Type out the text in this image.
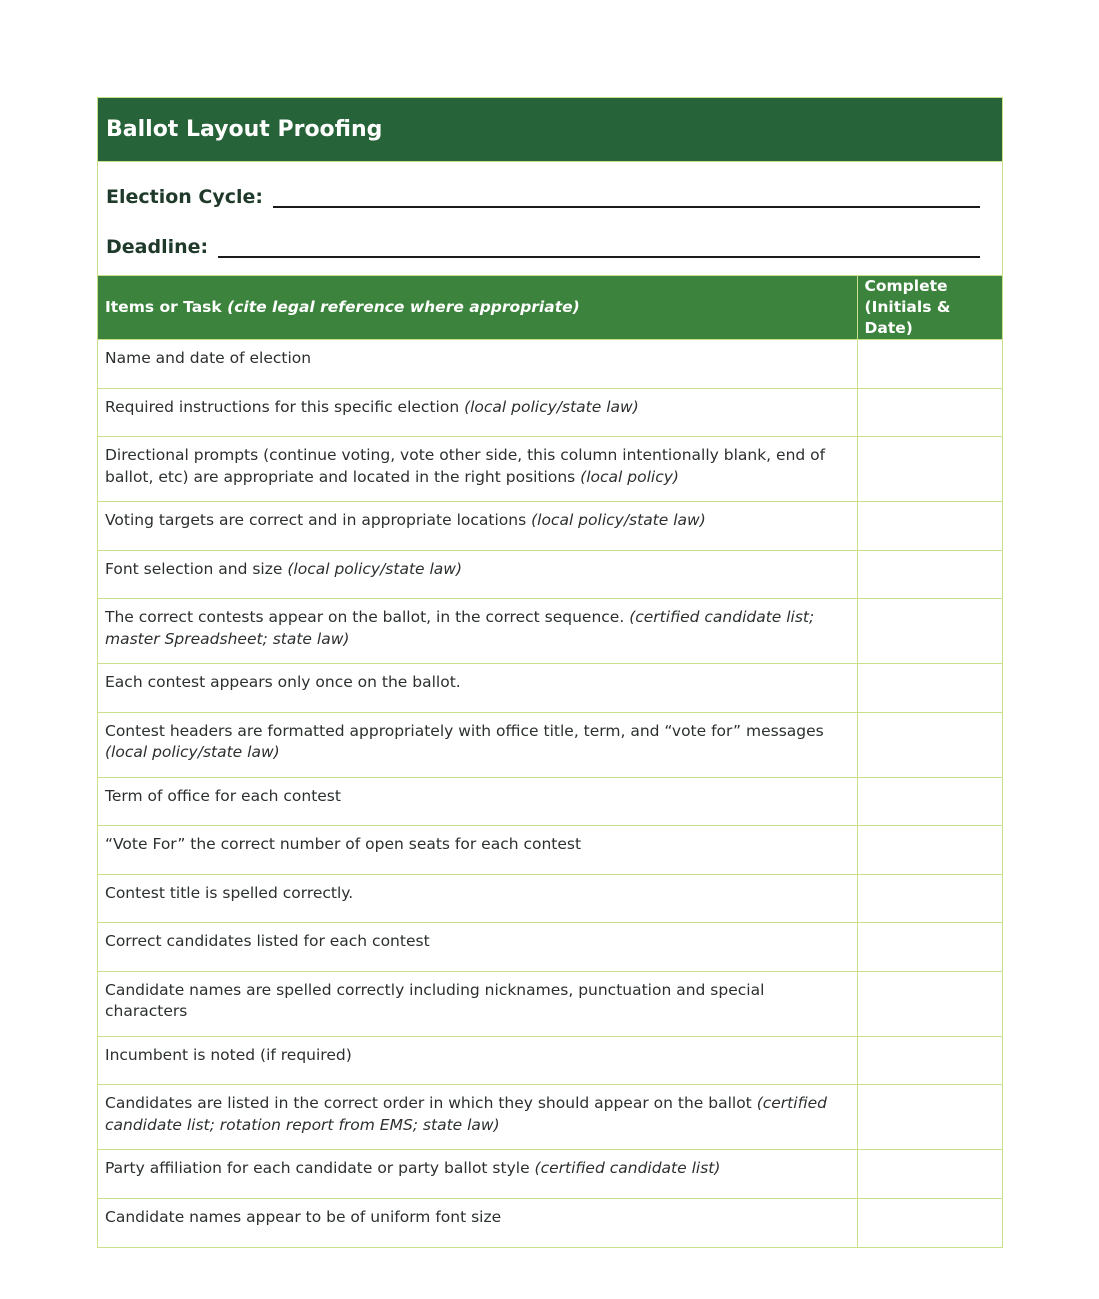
Ballot Layout Proofing
Election Cycle:
Deadline:
Items or Task (cite legal reference where appropriate)	Complete
(Initials & Date)

Name and date of election	
Required instructions for this specific election (local policy/state law)	
Directional prompts (continue voting, vote other side, this column intentionally blank, end of ballot, etc) are appropriate and located in the right positions (local policy)	
Voting targets are correct and in appropriate locations (local policy/state law)	
Font selection and size (local policy/state law)	
The correct contests appear on the ballot, in the correct sequence. (certified candidate list; master Spreadsheet; state law)	
Each contest appears only once on the ballot.	
Contest headers are formatted appropriately with office title, term, and “vote for” messages (local policy/state law)	
Term of office for each contest	
“Vote For” the correct number of open seats for each contest	
Contest title is spelled correctly.	
Correct candidates listed for each contest	
Candidate names are spelled correctly including nicknames, punctuation and special characters	
Incumbent is noted (if required)	
Candidates are listed in the correct order in which they should appear on the ballot (certified candidate list; rotation report from EMS; state law)	
Party affiliation for each candidate or party ballot style (certified candidate list)	
Candidate names appear to be of uniform font size	
